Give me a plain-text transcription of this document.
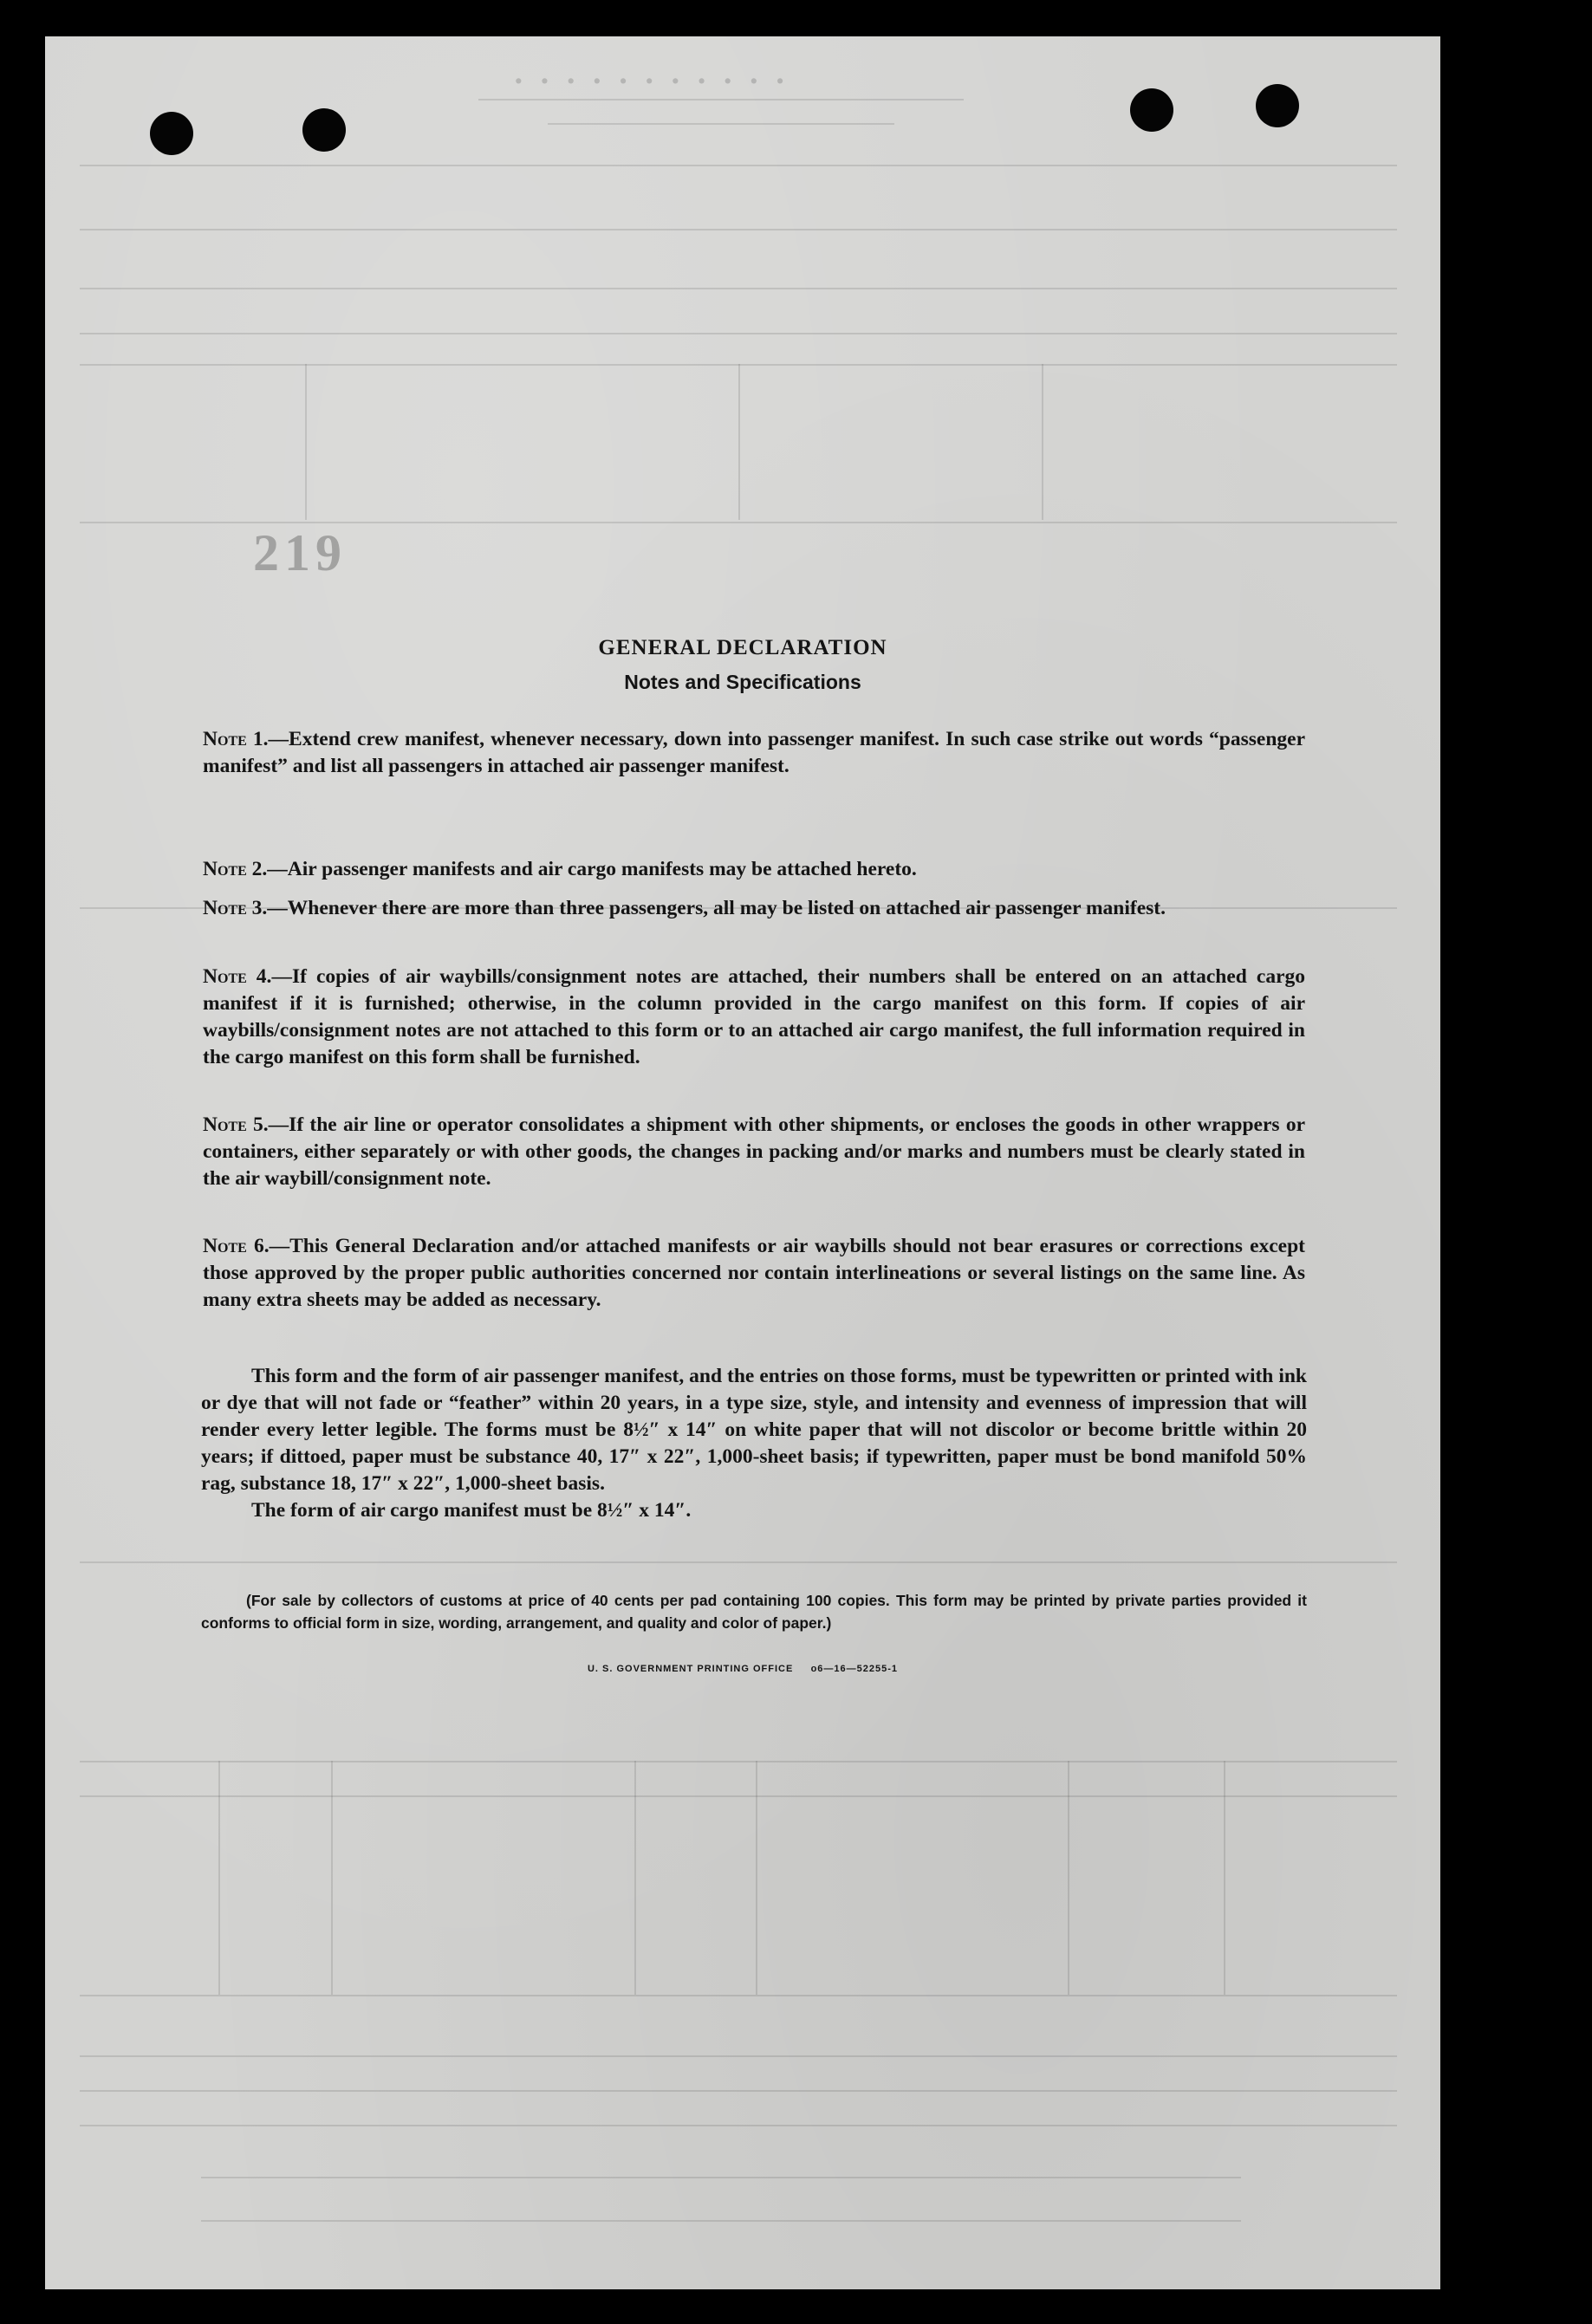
· · · · · · · · · · ·
219
GENERAL DECLARATION
Notes and Specifications
Note 1.—Extend crew manifest, whenever necessary, down into passenger manifest. In such case strike out words “passenger manifest” and list all passengers in attached air passenger manifest.
Note 2.—Air passenger manifests and air cargo manifests may be attached hereto.
Note 3.—Whenever there are more than three passengers, all may be listed on attached air passenger manifest.
Note 4.—If copies of air waybills/consignment notes are attached, their numbers shall be entered on an attached cargo manifest if it is furnished; otherwise, in the column provided in the cargo manifest on this form. If copies of air waybills/consignment notes are not attached to this form or to an attached air cargo manifest, the full information required in the cargo manifest on this form shall be furnished.
Note 5.—If the air line or operator consolidates a shipment with other shipments, or encloses the goods in other wrappers or containers, either separately or with other goods, the changes in packing and/or marks and numbers must be clearly stated in the air waybill/consignment note.
Note 6.—This General Declaration and/or attached manifests or air waybills should not bear erasures or corrections except those approved by the proper public authorities concerned nor contain interlineations or several listings on the same line. As many extra sheets may be added as necessary.

This form and the form of air passenger manifest, and the entries on those forms, must be typewritten or printed with ink or dye that will not fade or “feather” within 20 years, in a type size, style, and intensity and evenness of impression that will render every letter legible. The forms must be 8½″ x 14″ on white paper that will not discolor or become brittle within 20 years; if dittoed, paper must be substance 40, 17″ x 22″, 1,000-sheet basis; if typewritten, paper must be bond manifold 50% rag, substance 18, 17″ x 22″, 1,000-sheet basis.

The form of air cargo manifest must be 8½″ x 14″.

(For sale by collectors of customs at price of 40 cents per pad containing 100 copies. This form may be printed by private parties provided it conforms to official form in size, wording, arrangement, and quality and color of paper.)

U. S. GOVERNMENT PRINTING OFFICE     o6—16—52255-1
